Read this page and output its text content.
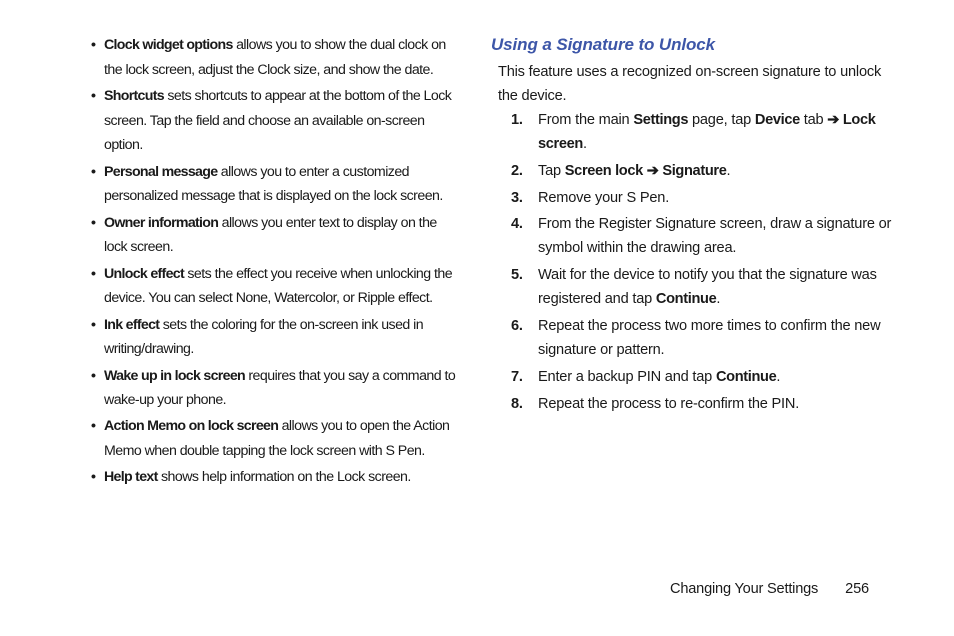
• Clock widget options allows you to show the dual clock on the lock screen, adjust the Clock size, and show the date.
• Shortcuts sets shortcuts to appear at the bottom of the Lock screen. Tap the field and choose an available on-screen option.
• Personal message allows you to enter a customized personalized message that is displayed on the lock screen.
• Owner information allows you enter text to display on the lock screen.
• Unlock effect sets the effect you receive when unlocking the device. You can select None, Watercolor, or Ripple effect.
• Ink effect sets the coloring for the on-screen ink used in writing/drawing.
• Wake up in lock screen requires that you say a command to wake-up your phone.
• Action Memo on lock screen allows you to open the Action Memo when double tapping the lock screen with S Pen.
• Help text shows help information on the Lock screen.
Using a Signature to Unlock

This feature uses a recognized on-screen signature to unlock the device.

1. From the main Settings page, tap Device tab ➔ Lock screen.
2. Tap Screen lock ➔ Signature.
3. Remove your S Pen.
4. From the Register Signature screen, draw a signature or symbol within the drawing area.
5. Wait for the device to notify you that the signature was registered and tap Continue.
6. Repeat the process two more times to confirm the new signature or pattern.
7. Enter a backup PIN and tap Continue.
8. Repeat the process to re-confirm the PIN.
Changing Your Settings 256
